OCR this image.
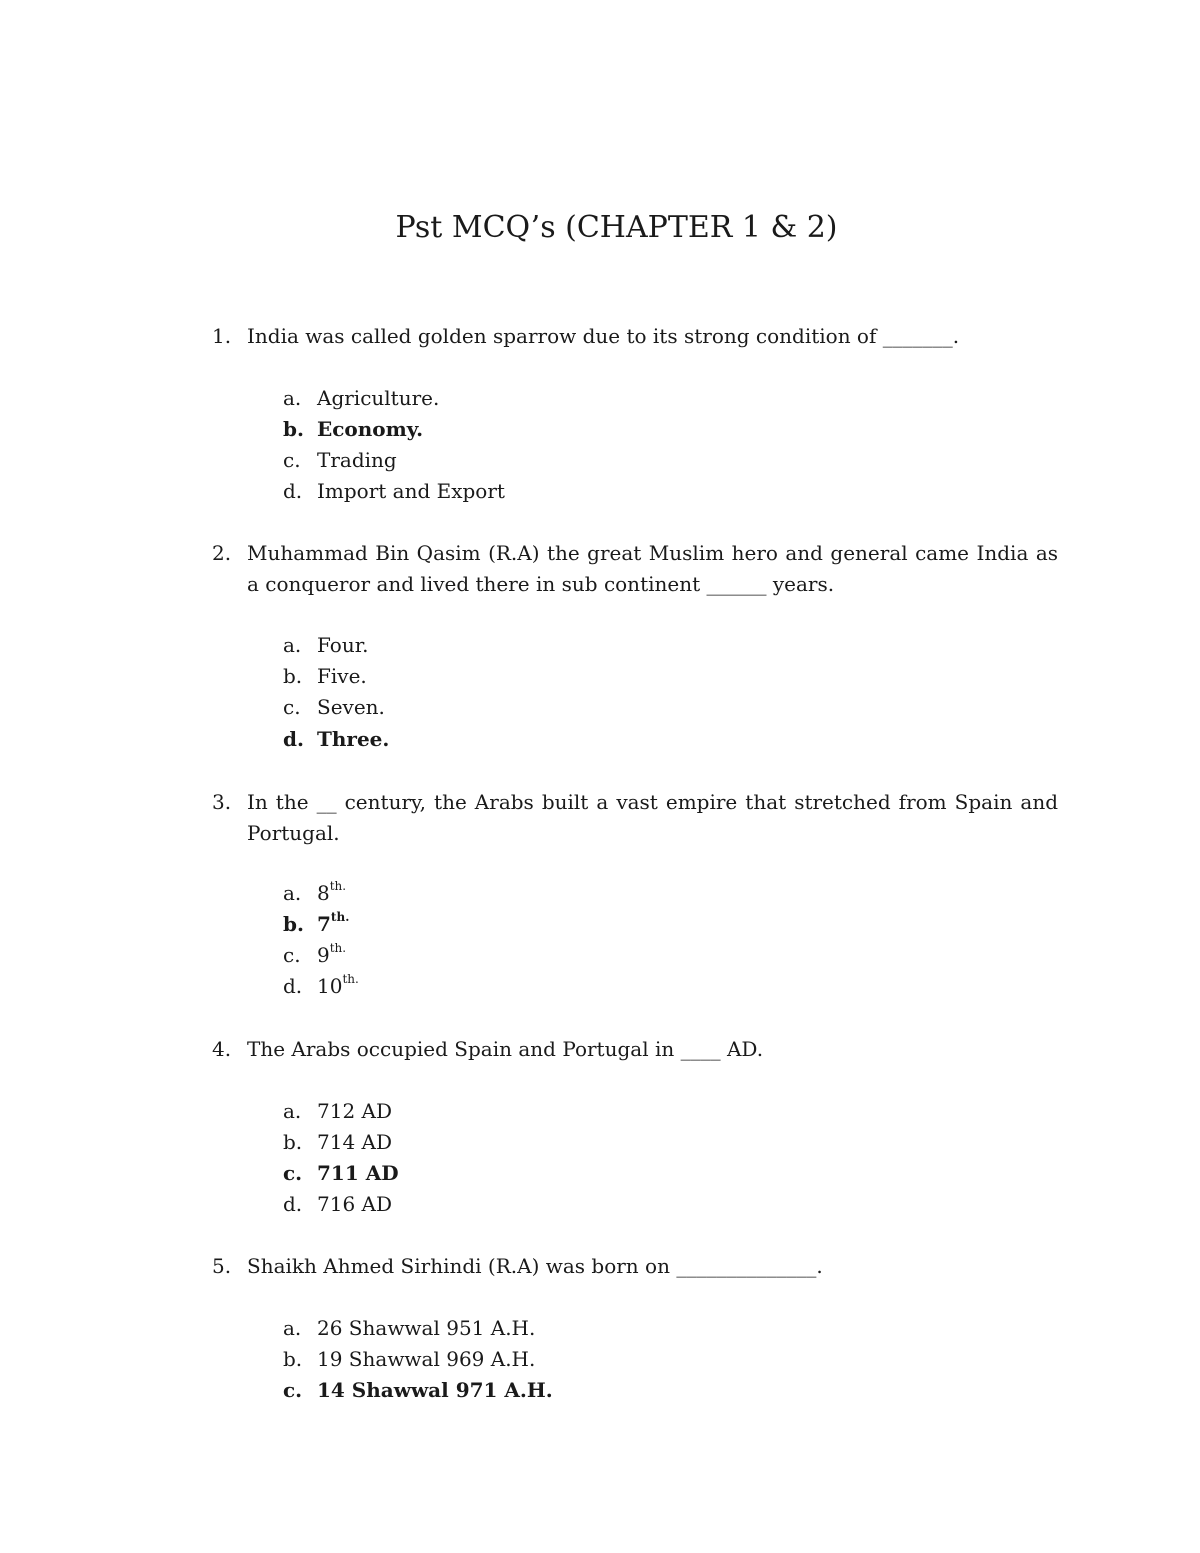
Pst MCQ’s (CHAPTER 1 & 2)
1. India was called golden sparrow due to its strong condition of _______.
a. Agriculture.
b. Economy.
c. Trading
d. Import and Export
2. Muhammad Bin Qasim (R.A) the great Muslim hero and general came India as a conqueror and lived there in sub continent ______ years.
a. Four.
b. Five.
c. Seven.
d. Three.
3. In the __ century, the Arabs built a vast empire that stretched from Spain and Portugal.
a. $8^{th.}$
b. $7^{th.}$
c. $9^{th.}$
d. $10^{th.}$
4. The Arabs occupied Spain and Portugal in ____ AD.
a. 712 AD
b. 714 AD
c. 711 AD
d. 716 AD
5. Shaikh Ahmed Sirhindi (R.A) was born on ______________.
a. 26 Shawwal 951 A.H.
b. 19 Shawwal 969 A.H.
c. 14 Shawwal 971 A.H.
